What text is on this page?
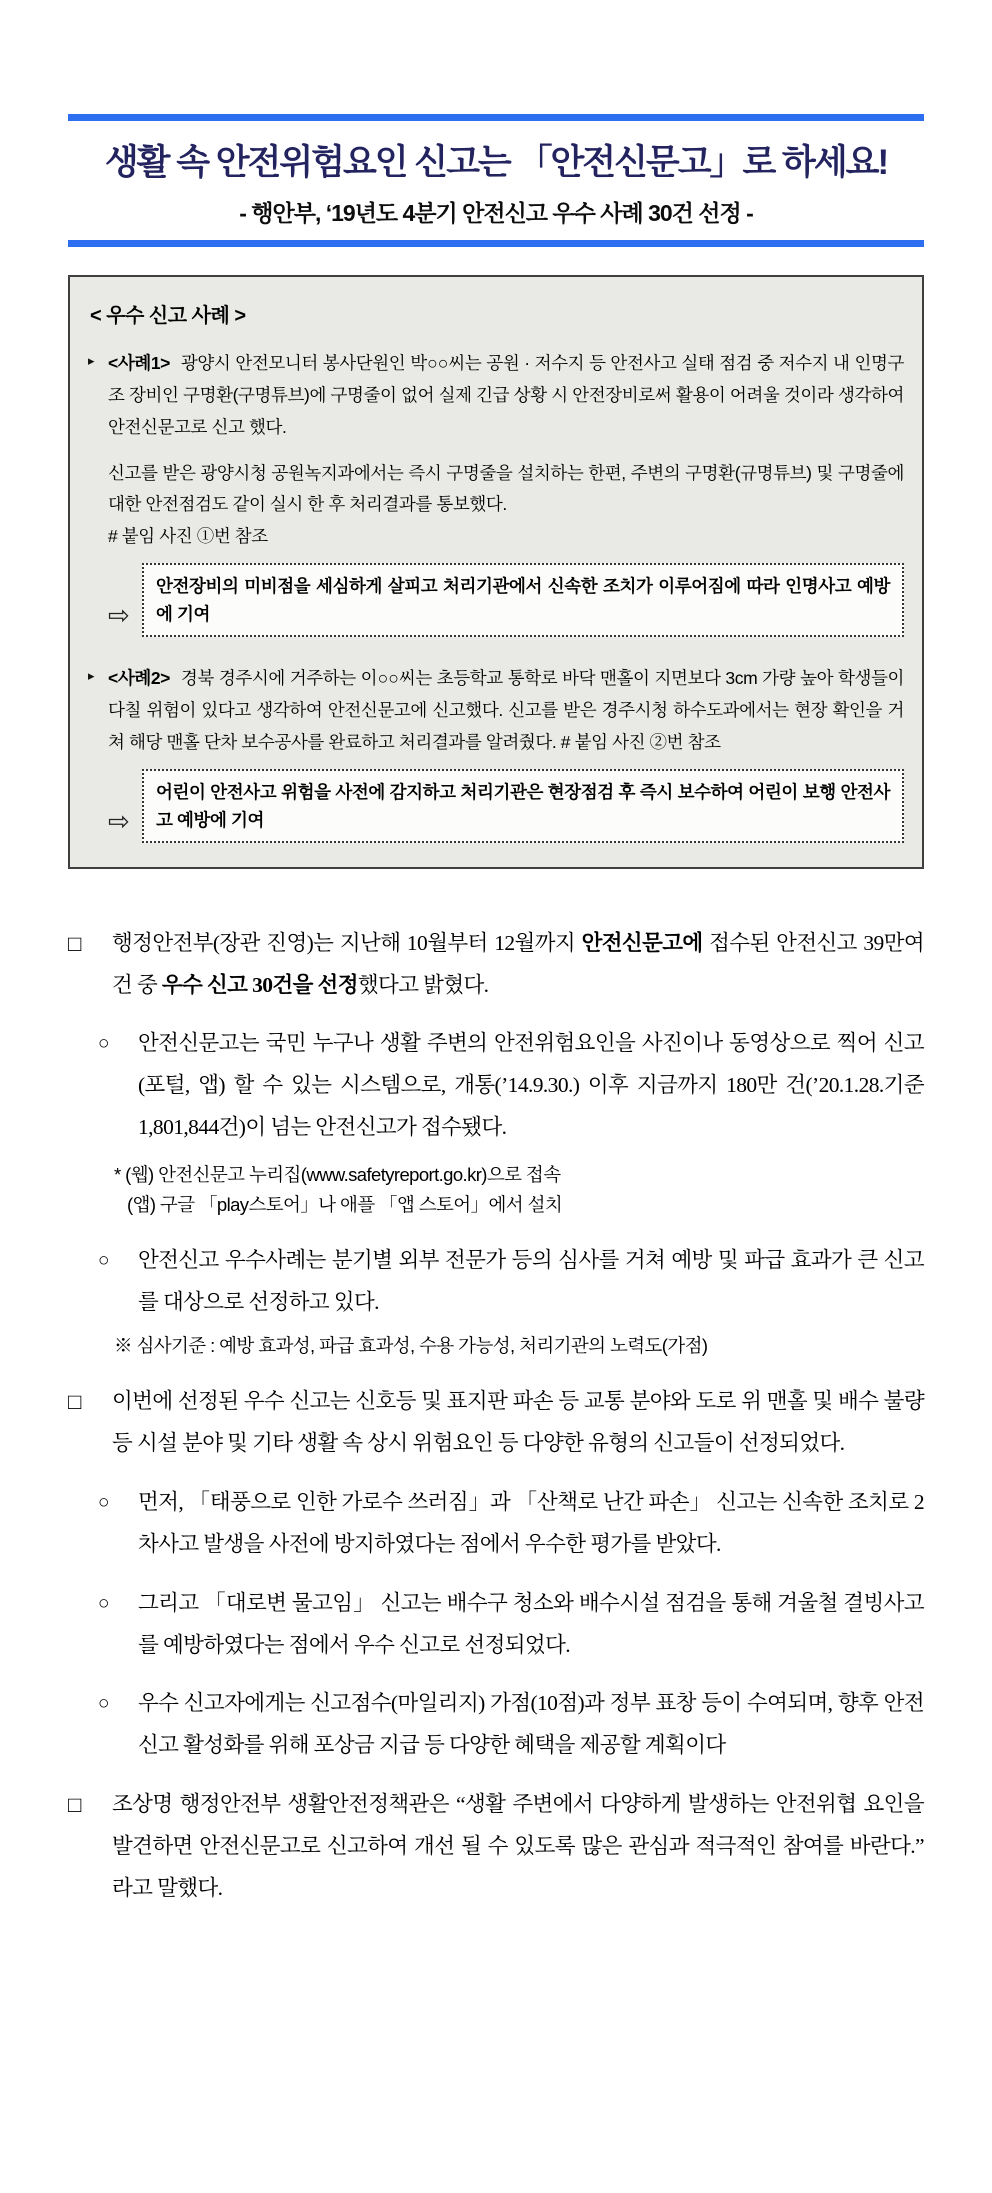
생활 속 안전위험요인 신고는 「안전신문고」로 하세요!
- 행안부, ‘19년도 4분기 안전신고 우수 사례 30건 선정 -
< 우수 신고 사례 >
▸ <사례1> 광양시 안전모니터 봉사단원인 박○○씨는 공원 · 저수지 등 안전사고 실태 점검 중 저수지 내 인명구조 장비인 구명환(구명튜브)에 구명줄이 없어 실제 긴급 상황 시 안전장비로써 활용이 어려울 것이라 생각하여 안전신문고로 신고 했다.
신고를 받은 광양시청 공원녹지과에서는 즉시 구명줄을 설치하는 한편, 주변의 구명환(규명튜브) 및 구명줄에 대한 안전점검도 같이 실시 한 후 처리결과를 통보했다.
# 붙임 사진 ①번 참조
⇨
안전장비의 미비점을 세심하게 살피고 처리기관에서 신속한 조치가 이루어짐에 따라 인명사고 예방에 기여
▸ <사례2> 경북 경주시에 거주하는 이○○씨는 초등학교 통학로 바닥 맨홀이 지면보다 3cm 가량 높아 학생들이 다칠 위험이 있다고 생각하여 안전신문고에 신고했다. 신고를 받은 경주시청 하수도과에서는 현장 확인을 거쳐 해당 맨홀 단차 보수공사를 완료하고 처리결과를 알려줬다. # 붙임 사진 ②번 참조
⇨
어린이 안전사고 위험을 사전에 감지하고 처리기관은 현장점검 후 즉시 보수하여 어린이 보행 안전사고 예방에 기여
□	행정안전부(장관 진영)는 지난해 10월부터 12월까지 안전신문고에 접수된 안전신고 39만여 건 중 우수 신고 30건을 선정했다고 밝혔다.
○	안전신문고는 국민 누구나 생활 주변의 안전위험요인을 사진이나 동영상으로 찍어 신고(포털, 앱) 할 수 있는 시스템으로, 개통(’14.9.30.) 이후 지금까지 180만 건(’20.1.28.기준 1,801,844건)이 넘는 안전신고가 접수됐다.
* (웹) 안전신문고 누리집(www.safetyreport.go.kr)으로 접속
(앱) 구글 「play스토어」나 애플 「앱 스토어」에서 설치
○	안전신고 우수사례는 분기별 외부 전문가 등의 심사를 거쳐 예방 및 파급 효과가 큰 신고를 대상으로 선정하고 있다.
※ 심사기준 : 예방 효과성, 파급 효과성, 수용 가능성, 처리기관의 노력도(가점)
□	이번에 선정된 우수 신고는 신호등 및 표지판 파손 등 교통 분야와 도로 위 맨홀 및 배수 불량 등 시설 분야 및 기타 생활 속 상시 위험요인 등 다양한 유형의 신고들이 선정되었다.
○	먼저, 「태풍으로 인한 가로수 쓰러짐」과 「산책로 난간 파손」 신고는 신속한 조치로 2차사고 발생을 사전에 방지하였다는 점에서 우수한 평가를 받았다.
○	그리고 「대로변 물고임」 신고는 배수구 청소와 배수시설 점검을 통해 겨울철 결빙사고를 예방하였다는 점에서 우수 신고로 선정되었다.
○	우수 신고자에게는 신고점수(마일리지) 가점(10점)과 정부 표창 등이 수여되며, 향후 안전신고 활성화를 위해 포상금 지급 등 다양한 혜택을 제공할 계획이다
□	조상명 행정안전부 생활안전정책관은 “생활 주변에서 다양하게 발생하는 안전위협 요인을 발견하면 안전신문고로 신고하여 개선 될 수 있도록 많은 관심과 적극적인 참여를 바란다.” 라고 말했다.
